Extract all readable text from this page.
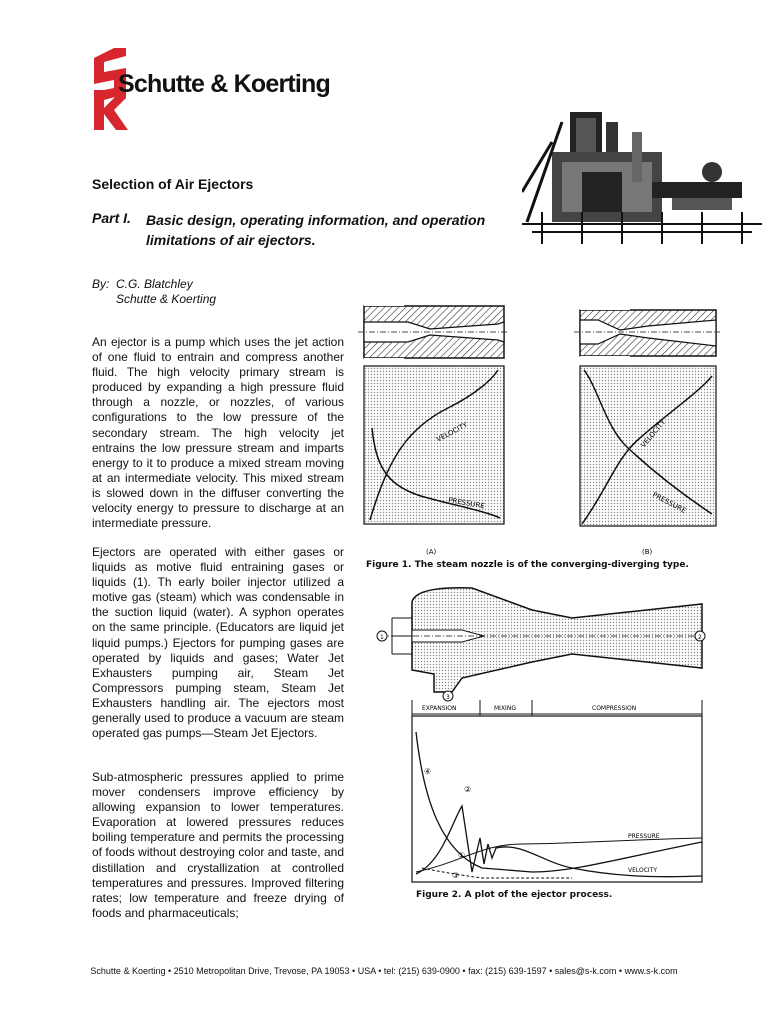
Schutte & Koerting
Selection of Air Ejectors
Part I. Basic design, operating information, and operation limitations of air ejectors.
By: C.G. Blatchley
Schutte & Koerting
An ejector is a pump which uses the jet action of one fluid to entrain and compress another fluid. The high velocity primary stream is produced by expanding a high pressure fluid through a nozzle, or nozzles, of various configurations to the low pressure of the secondary stream. The high velocity jet entrains the low pressure stream and imparts energy to it to produce a mixed stream moving at an intermediate velocity. This mixed stream is slowed down in the diffuser converting the velocity energy to pressure to discharge at an intermediate pressure.
Ejectors are operated with either gases or liquids as motive fluid entraining gases or liquids (1). Th early boiler injector utilized a motive gas (steam) which was condensable in the suction liquid (water). A syphon operates on the same principle. (Educators are liquid jet liquid pumps.) Ejectors for pumping gases are operated by liquids and gases; Water Jet Exhausters pumping air, Steam Jet Compressors pumping steam, Steam Jet Exhausters handling air. The ejectors most generally used to produce a vacuum are steam operated gas pumps—Steam Jet Ejectors.
Sub-atmospheric pressures applied to prime mover condensers improve efficiency by allowing expansion to lower temperatures. Evaporation at lowered pressures reduces boiling temperature and permits the processing of foods without destroying color and taste, and distillation and crystallization at controlled temperatures and pressures. Improved filtering rates; low temperature and freeze drying of foods and pharmaceuticals;
VELOCITY
PRESSURE
(A)
VELOCITY
PRESSURE
(B)
Figure 1. The steam nozzle is of the converging-diverging type.
1	2
3
EXPANSION	MIXING	COMPRESSION
④
②
①
③
PRESSURE
VELOCITY
Figure 2. A plot of the ejector process.
Schutte & Koerting • 2510 Metropolitan Drive, Trevose, PA 19053 • USA • tel: (215) 639-0900 • fax: (215) 639-1597 • sales@s-k.com • www.s-k.com
